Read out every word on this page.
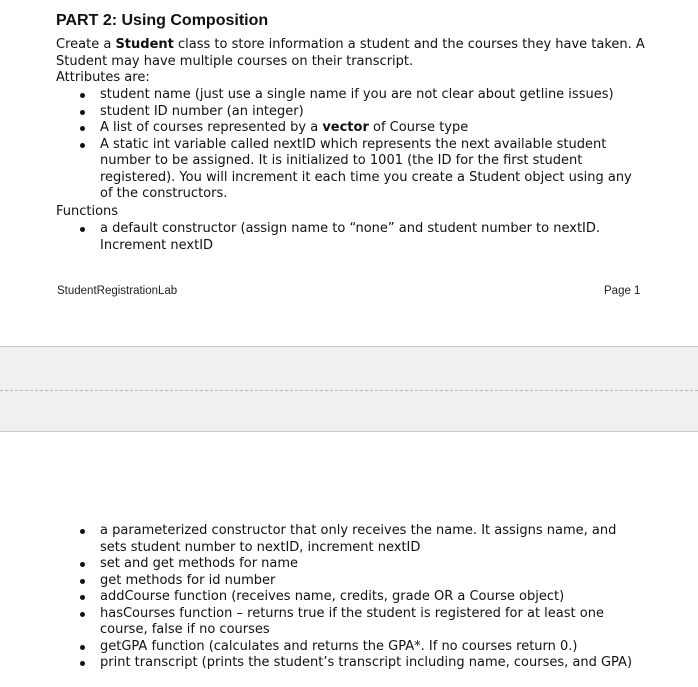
PART 2: Using Composition
Create a Student class to store information a student and the courses they have taken. A Student may have multiple courses on their transcript.
Attributes are:
student name (just use a single name if you are not clear about getline issues)
student ID number (an integer)
A list of courses represented by a vector of Course type
A static int variable called nextID which represents the next available student number to be assigned. It is initialized to 1001 (the ID for the first student registered). You will increment it each time you create a Student object using any of the constructors.
Functions
a default constructor (assign name to “none” and student number to nextID. Increment nextID
StudentRegistrationLab	Page 1
a parameterized constructor that only receives the name. It assigns name, and sets student number to nextID, increment nextID
set and get methods for name
get methods for id number
addCourse function (receives name, credits, grade OR a Course object)
hasCourses function – returns true if the student is registered for at least one course, false if no courses
getGPA function (calculates and returns the GPA*. If no courses return 0.)
print transcript (prints the student’s transcript including name, courses, and GPA)
